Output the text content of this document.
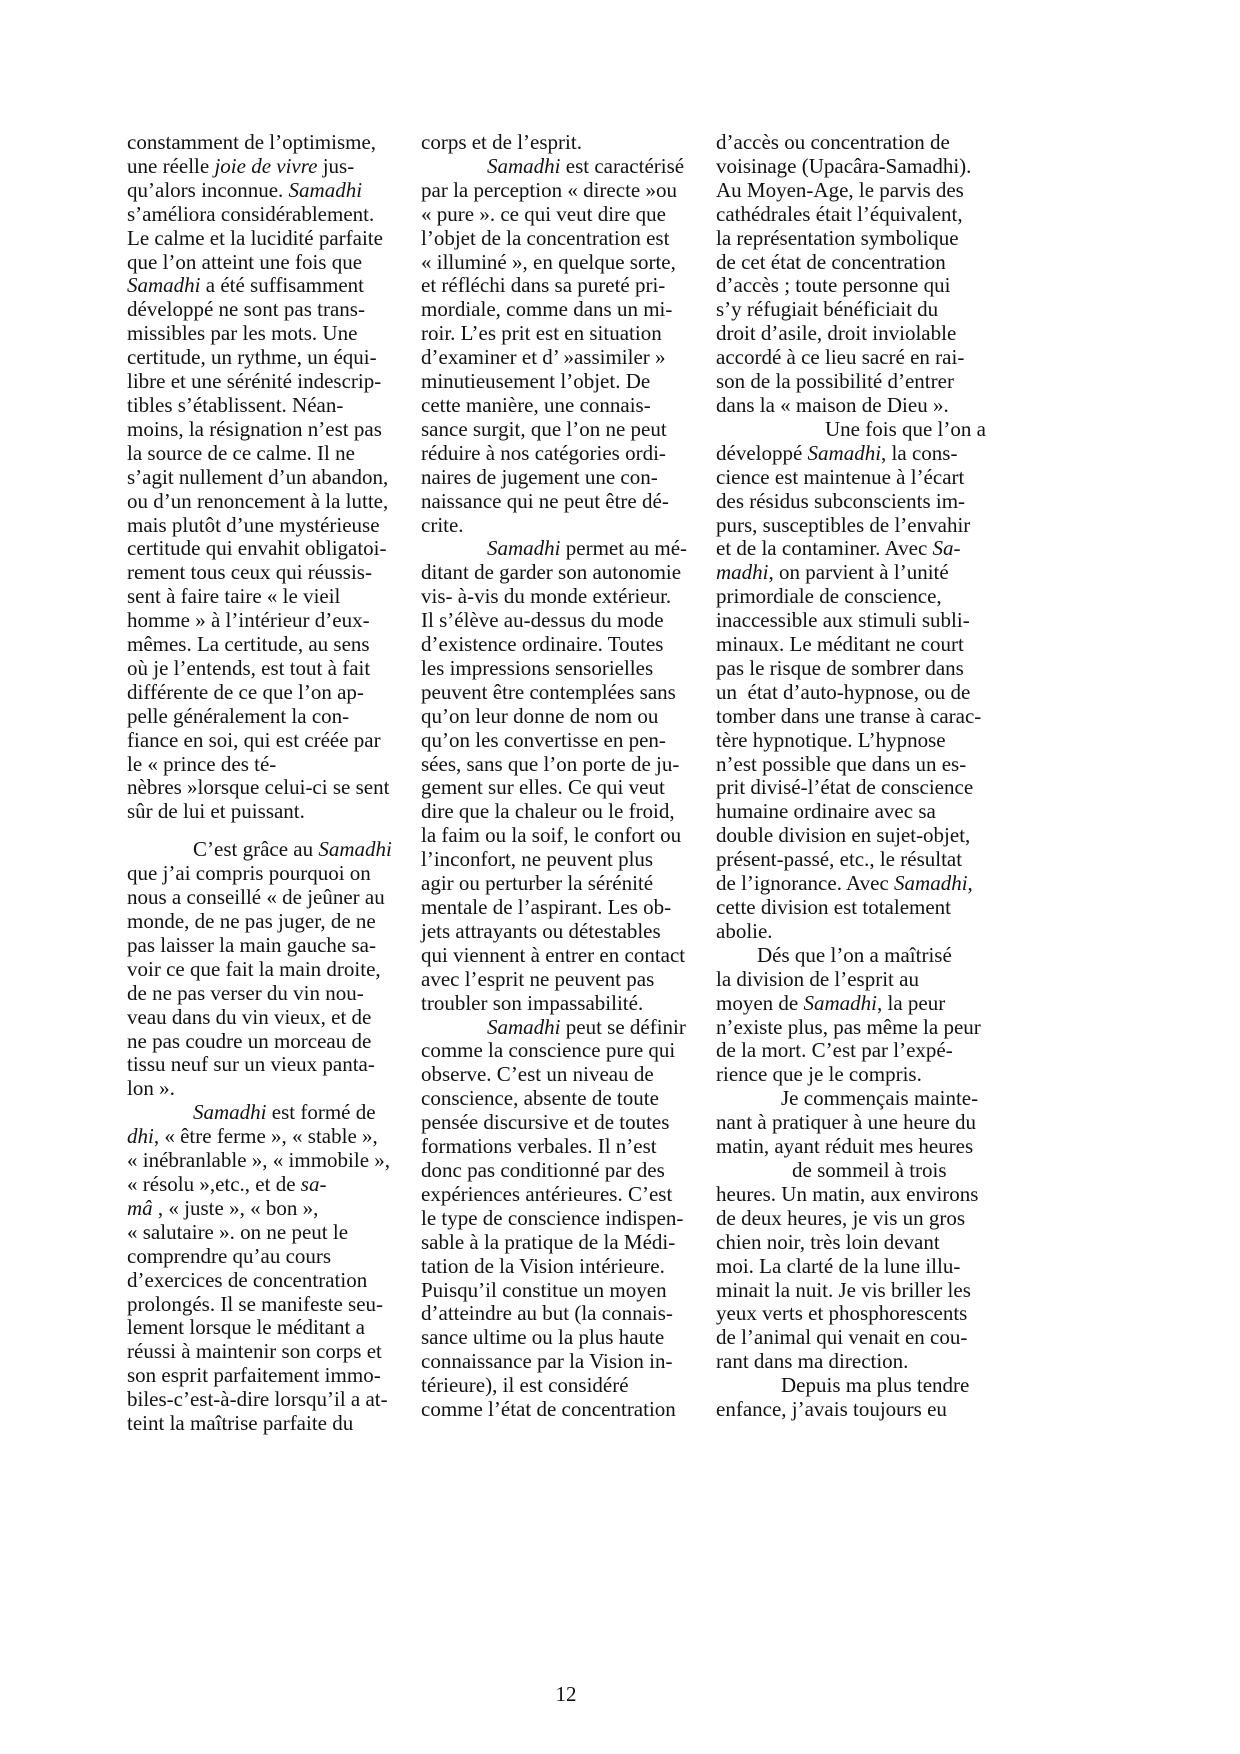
constamment de l’optimisme,
une réelle joie de vivre jus-
qu’alors inconnue. Samadhi
s’améliora considérablement.
Le calme et la lucidité parfaite
que l’on atteint une fois que
Samadhi a été suffisamment
développé ne sont pas trans-
missibles par les mots. Une
certitude, un rythme, un équi-
libre et une sérénité indescrip-
tibles s’établissent. Néan-
moins, la résignation n’est pas
la source de ce calme. Il ne
s’agit nullement d’un abandon,
ou d’un renoncement à la lutte,
mais plutôt d’une mystérieuse
certitude qui envahit obligatoi-
rement tous ceux qui réussis-
sent à faire taire « le vieil
homme » à l’intérieur d’eux-
mêmes. La certitude, au sens
où je l’entends, est tout à fait
différente de ce que l’on ap-
pelle généralement la con-
fiance en soi, qui est créée par
le « prince des té-
nèbres »lorsque celui-ci se sent
sûr de lui et puissant.
C’est grâce au Samadhi
que j’ai compris pourquoi on
nous a conseillé « de jeûner au
monde, de ne pas juger, de ne
pas laisser la main gauche sa-
voir ce que fait la main droite,
de ne pas verser du vin nou-
veau dans du vin vieux, et de
ne pas coudre un morceau de
tissu neuf sur un vieux panta-
lon ».
Samadhi est formé de
dhi, « être ferme », « stable »,
« inébranlable », « immobile »,
« résolu »,etc., et de sa-
mâ , « juste », « bon »,
« salutaire ». on ne peut le
comprendre qu’au cours
d’exercices de concentration
prolongés. Il se manifeste seu-
lement lorsque le méditant a
réussi à maintenir son corps et
son esprit parfaitement immo-
biles-c’est-à-dire lorsqu’il a at-
teint la maîtrise parfaite du
corps et de l’esprit.
Samadhi est caractérisé
par la perception « directe »ou
« pure ». ce qui veut dire que
l’objet de la concentration est
« illuminé », en quelque sorte,
et réfléchi dans sa pureté pri-
mordiale, comme dans un mi-
roir. L’es prit est en situation
d’examiner et d’ »assimiler »
minutieusement l’objet. De
cette manière, une connais-
sance surgit, que l’on ne peut
réduire à nos catégories ordi-
naires de jugement une con-
naissance qui ne peut être dé-
crite.
Samadhi permet au mé-
ditant de garder son autonomie
vis- à-vis du monde extérieur.
Il s’élève au-dessus du mode
d’existence ordinaire. Toutes
les impressions sensorielles
peuvent être contemplées sans
qu’on leur donne de nom ou
qu’on les convertisse en pen-
sées, sans que l’on porte de ju-
gement sur elles. Ce qui veut
dire que la chaleur ou le froid,
la faim ou la soif, le confort ou
l’inconfort, ne peuvent plus
agir ou perturber la sérénité
mentale de l’aspirant. Les ob-
jets attrayants ou détestables
qui viennent à entrer en contact
avec l’esprit ne peuvent pas
troubler son impassabilité.
Samadhi peut se définir
comme la conscience pure qui
observe. C’est un niveau de
conscience, absente de toute
pensée discursive et de toutes
formations verbales. Il n’est
donc pas conditionné par des
expériences antérieures. C’est
le type de conscience indispen-
sable à la pratique de la Médi-
tation de la Vision intérieure.
Puisqu’il constitue un moyen
d’atteindre au but (la connais-
sance ultime ou la plus haute
connaissance par la Vision in-
térieure), il est considéré
comme l’état de concentration
d’accès ou concentration de
voisinage (Upacâra-Samadhi).
Au Moyen-Age, le parvis des
cathédrales était l’équivalent,
la représentation symbolique
de cet état de concentration
d’accès ; toute personne qui
s’y réfugiait bénéficiait du
droit d’asile, droit inviolable
accordé à ce lieu sacré en rai-
son de la possibilité d’entrer
dans la « maison de Dieu ».
Une fois que l’on a
développé Samadhi, la cons-
cience est maintenue à l’écart
des résidus subconscients im-
purs, susceptibles de l’envahir
et de la contaminer. Avec Sa-
madhi, on parvient à l’unité
primordiale de conscience,
inaccessible aux stimuli subli-
minaux. Le méditant ne court
pas le risque de sombrer dans
un  état d’auto-hypnose, ou de
tomber dans une transe à carac-
tère hypnotique. L’hypnose
n’est possible que dans un es-
prit divisé-l’état de conscience
humaine ordinaire avec sa
double division en sujet-objet,
présent-passé, etc., le résultat
de l’ignorance. Avec Samadhi,
cette division est totalement
abolie.
Dés que l’on a maîtrisé
la division de l’esprit au
moyen de Samadhi, la peur
n’existe plus, pas même la peur
de la mort. C’est par l’expé-
rience que je le compris.
Je commençais mainte-
nant à pratiquer à une heure du
matin, ayant réduit mes heures
de sommeil à trois
heures. Un matin, aux environs
de deux heures, je vis un gros
chien noir, très loin devant
moi. La clarté de la lune illu-
minait la nuit. Je vis briller les
yeux verts et phosphorescents
de l’animal qui venait en cou-
rant dans ma direction.
Depuis ma plus tendre
enfance, j’avais toujours eu
12
